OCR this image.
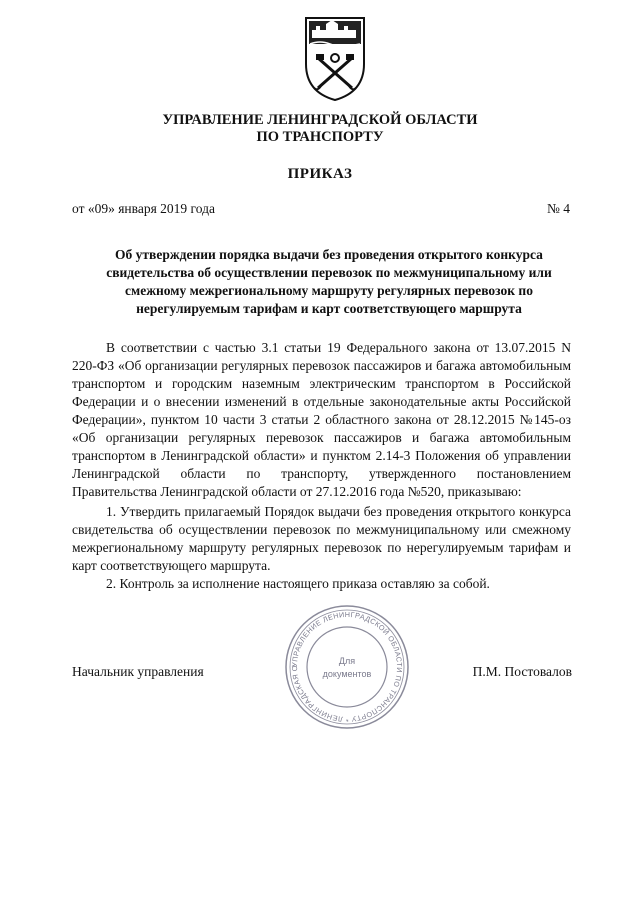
УПРАВЛЕНИЕ ЛЕНИНГРАДСКОЙ ОБЛАСТИ
ПО ТРАНСПОРТУ
ПРИКАЗ
от «09» января 2019 года	№ 4
Об утверждении порядка выдачи без проведения открытого конкурса свидетельства об осуществлении перевозок по межмуниципальному или смежному межрегиональному маршруту регулярных перевозок по нерегулируемым тарифам и карт соответствующего маршрута

В соответствии с частью 3.1 статьи 19 Федерального закона от 13.07.2015 N 220-ФЗ «Об организации регулярных перевозок пассажиров и багажа автомобильным транспортом и городским наземным электрическим транспортом в Российской Федерации и о внесении изменений в отдельные законодательные акты Российской Федерации», пунктом 10 части 3 статьи 2 областного закона от 28.12.2015 №145-оз «Об организации регулярных перевозок пассажиров и багажа автомобильным транспортом в Ленинградской области» и пунктом 2.14-3 Положения об управлении Ленинградской области по транспорту, утвержденного постановлением Правительства Ленинградской области от 27.12.2016 года №520, приказываю:

1. Утвердить прилагаемый Порядок выдачи без проведения открытого конкурса свидетельства об осуществлении перевозок по межмуниципальному или смежному межрегиональному маршруту регулярных перевозок по нерегулируемым тарифам и карт соответствующего маршрута.

2. Контроль за исполнение настоящего приказа оставляю за собой.

УПРАВЛЕНИЕ ЛЕНИНГРАДСКОЙ ОБЛАСТИ ПО ТРАНСПОРТУ * ЛЕНИНГРАДСКАЯ О
Для
документов
Начальник управления	П.М. Постовалов
